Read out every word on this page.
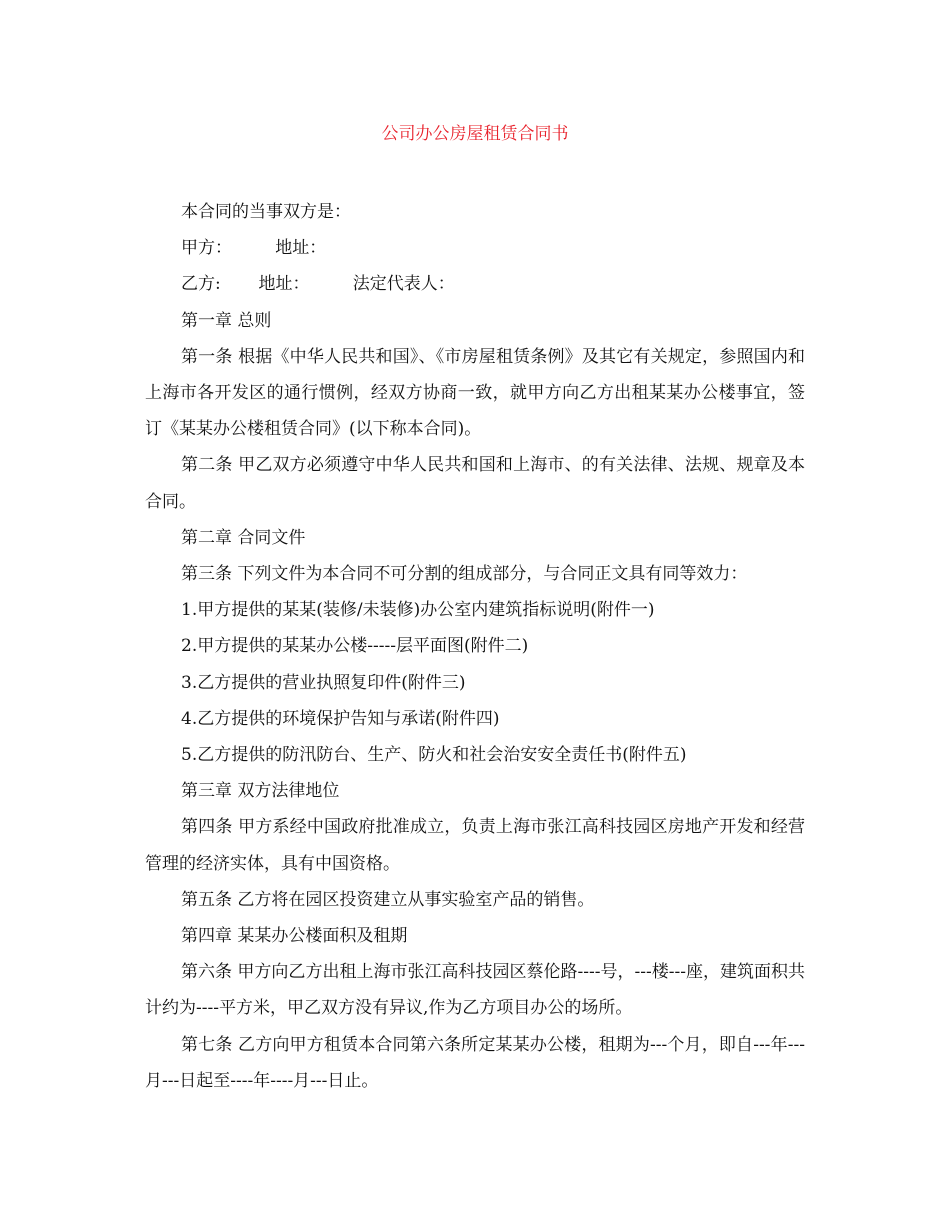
公司办公房屋租赁合同书

本合同的当事双方是：

甲方：        地址：

乙方:       地址：        法定代表人：

第一章 总则

第一条 根据《中华人民共和国》、《市房屋租赁条例》及其它有关规定，参照国内和上海市各开发区的通行惯例，经双方协商一致，就甲方向乙方出租某某办公楼事宜，签订《某某办公楼租赁合同》(以下称本合同)。

第二条 甲乙双方必须遵守中华人民共和国和上海市、的有关法律、法规、规章及本合同。

第二章 合同文件

第三条 下列文件为本合同不可分割的组成部分，与合同正文具有同等效力：

1.甲方提供的某某(装修/未装修)办公室内建筑指标说明(附件一)

2.甲方提供的某某办公楼-----层平面图(附件二)

3.乙方提供的营业执照复印件(附件三)

4.乙方提供的环境保护告知与承诺(附件四)

5.乙方提供的防汛防台、生产、防火和社会治安安全责任书(附件五)

第三章 双方法律地位

第四条 甲方系经中国政府批准成立，负责上海市张江高科技园区房地产开发和经营管理的经济实体，具有中国资格。

第五条 乙方将在园区投资建立从事实验室产品的销售。

第四章 某某办公楼面积及租期

第六条 甲方向乙方出租上海市张江高科技园区蔡伦路----号，---楼---座，建筑面积共计约为----平方米，甲乙双方没有异议,作为乙方项目办公的场所。

第七条 乙方向甲方租赁本合同第六条所定某某办公楼，租期为---个月，即自---年---月---日起至----年----月---日止。
